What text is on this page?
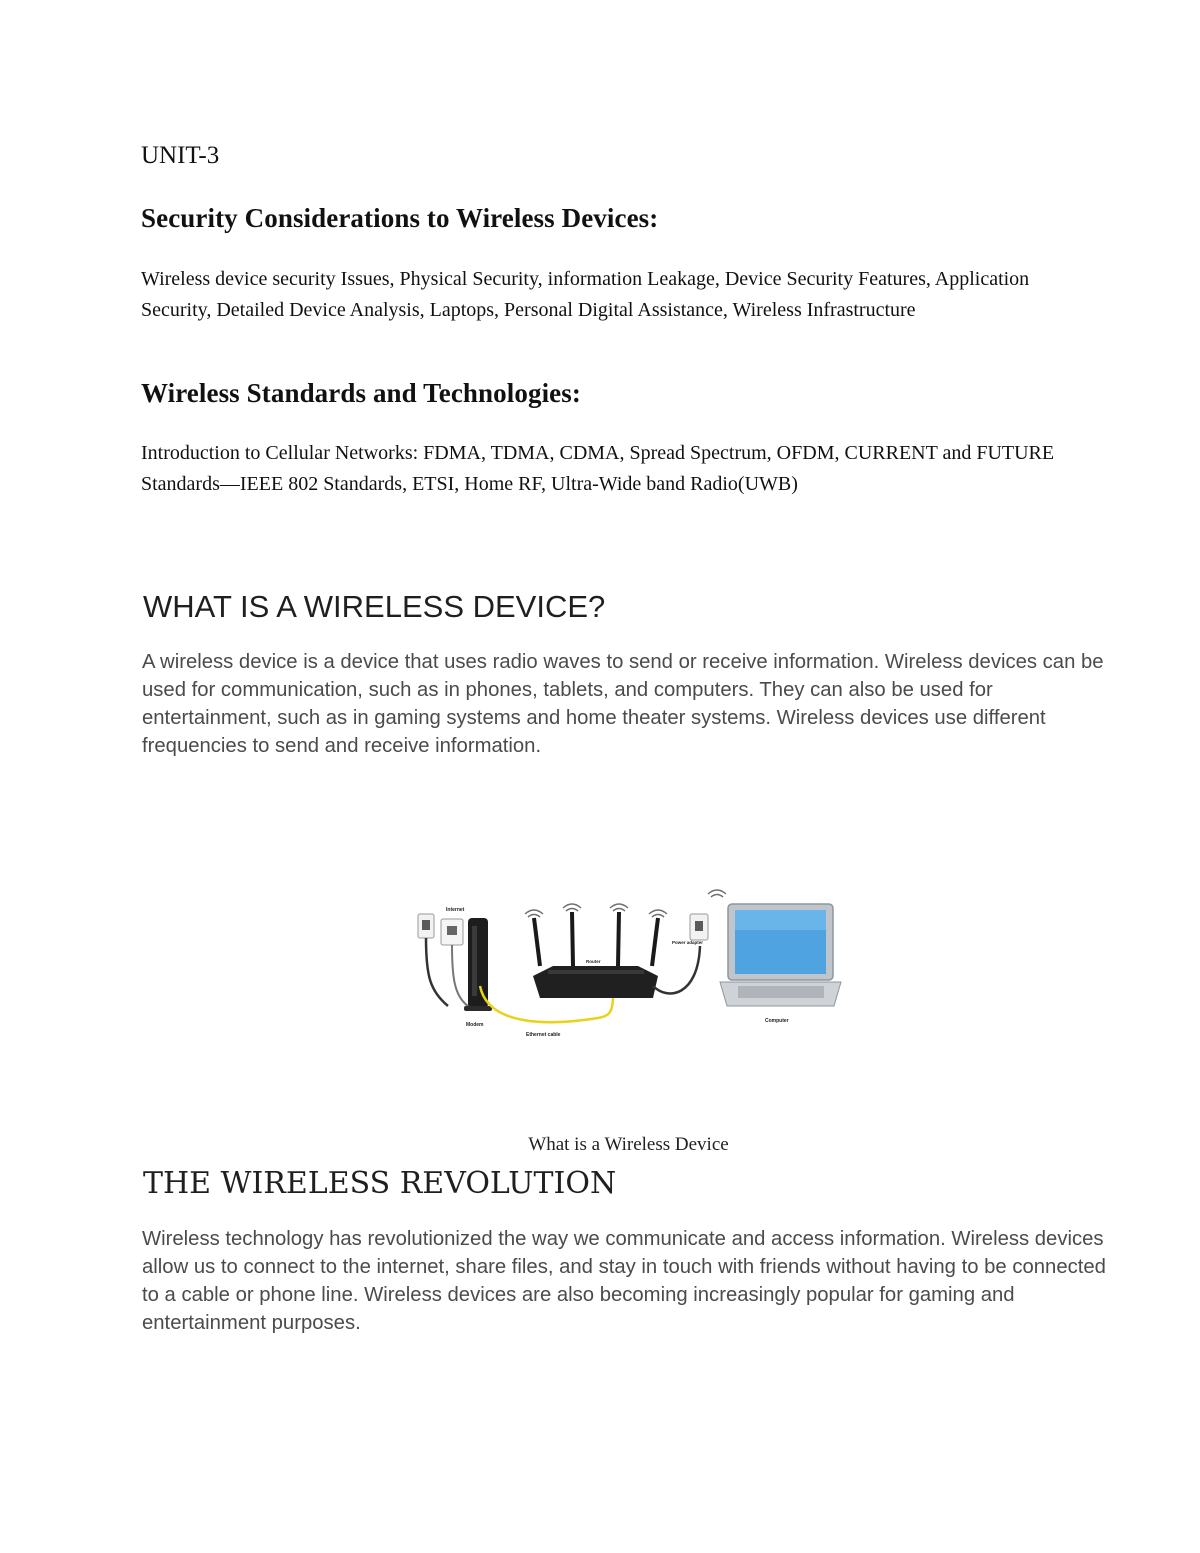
UNIT-3
Security Considerations to Wireless Devices:
Wireless device security Issues, Physical Security, information Leakage, Device Security Features, Application Security, Detailed Device Analysis, Laptops, Personal Digital Assistance, Wireless Infrastructure
Wireless Standards and Technologies:
Introduction to Cellular Networks: FDMA, TDMA, CDMA, Spread Spectrum, OFDM, CURRENT and FUTURE Standards—IEEE 802 Standards, ETSI, Home RF, Ultra-Wide band Radio(UWB)
WHAT IS A WIRELESS DEVICE?
A wireless device is a device that uses radio waves to send or receive information. Wireless devices can be used for communication, such as in phones, tablets, and computers. They can also be used for entertainment, such as in gaming systems and home theater systems. Wireless devices use different frequencies to send and receive information.
Internet
Modem
Ethernet cable
Router
Power adapter
Computer
What is a Wireless Device
THE WIRELESS REVOLUTION
Wireless technology has revolutionized the way we communicate and access information. Wireless devices allow us to connect to the internet, share files, and stay in touch with friends without having to be connected to a cable or phone line. Wireless devices are also becoming increasingly popular for gaming and entertainment purposes.
